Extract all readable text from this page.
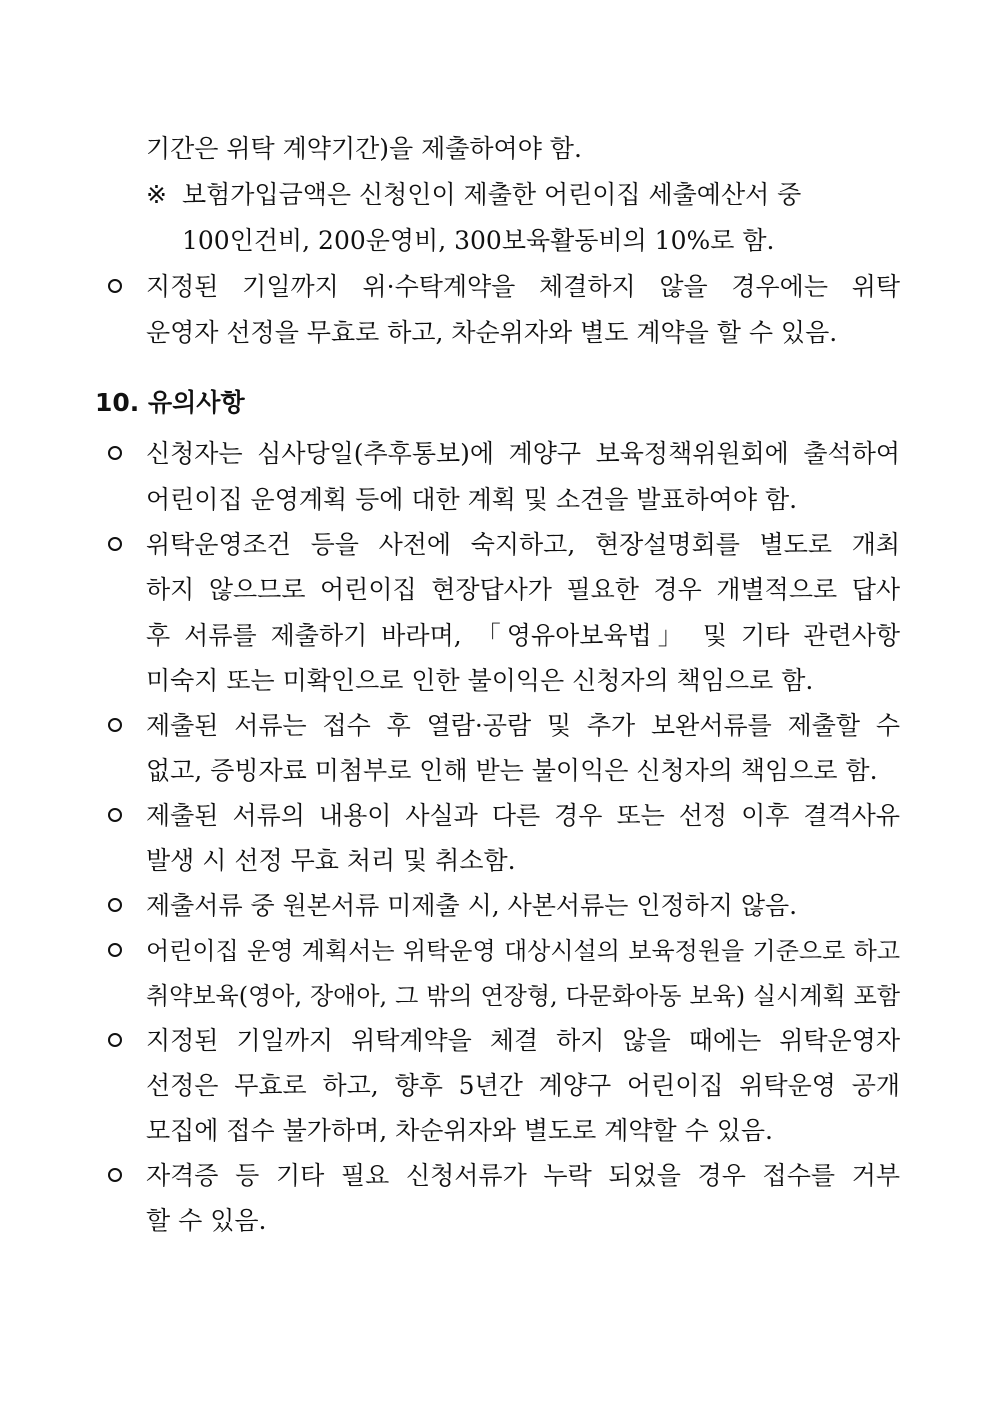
기간은 위탁 계약기간)을 제출하여야 함.
※ 보험가입금액은 신청인이 제출한 어린이집 세출예산서 중
100인건비, 200운영비, 300보육활동비의 10%로 함.
지정된 기일까지 위·수탁계약을 체결하지 않을 경우에는 위탁
운영자 선정을 무효로 하고, 차순위자와 별도 계약을 할 수 있음.
10. 유의사항
신청자는 심사당일(추후통보)에 계양구 보육정책위원회에 출석하여
어린이집 운영계획 등에 대한 계획 및 소견을 발표하여야 함.
위탁운영조건 등을 사전에 숙지하고, 현장설명회를 별도로 개최
하지 않으므로 어린이집 현장답사가 필요한 경우 개별적으로 답사
후 서류를 제출하기 바라며, 「영유아보육법」 및 기타 관련사항
미숙지 또는 미확인으로 인한 불이익은 신청자의 책임으로 함.
제출된 서류는 접수 후 열람·공람 및 추가 보완서류를 제출할 수
없고, 증빙자료 미첨부로 인해 받는 불이익은 신청자의 책임으로 함.
제출된 서류의 내용이 사실과 다른 경우 또는 선정 이후 결격사유
발생 시 선정 무효 처리 및 취소함.
제출서류 중 원본서류 미제출 시, 사본서류는 인정하지 않음.
어린이집 운영 계획서는 위탁운영 대상시설의 보육정원을 기준으로 하고
취약보육(영아, 장애아, 그 밖의 연장형, 다문화아동 보육) 실시계획 포함
지정된 기일까지 위탁계약을 체결 하지 않을 때에는 위탁운영자
선정은 무효로 하고, 향후 5년간 계양구 어린이집 위탁운영 공개
모집에 접수 불가하며, 차순위자와 별도로 계약할 수 있음.
자격증 등 기타 필요 신청서류가 누락 되었을 경우 접수를 거부
할 수 있음.
